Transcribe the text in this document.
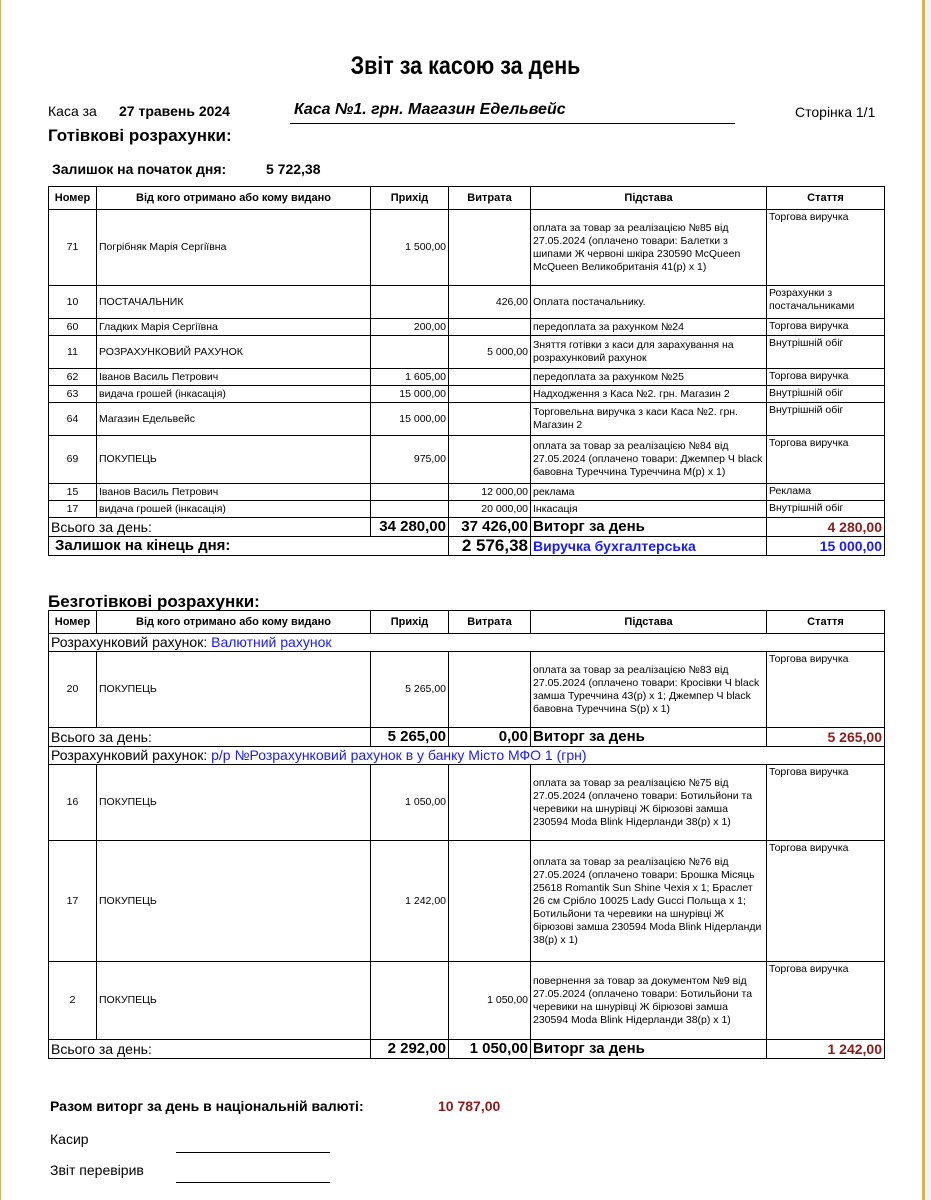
Звіт за касою за день
Каса за 27 травень 2024	Каса №1. грн. Магазин Едельвейс	Сторінка 1/1
Готівкові розрахунки:
Залишок на початок дня:	5 722,38
Номер	Від кого отримано або кому видано	Прихід	Витрата	Підстава	Стаття
71	Погрібняк Марія Сергіївна	1 500,00		оплата за товар за реалізацією №85 від 27.05.2024 (оплачено товари: Балетки з шипами Ж червоні шкіра 230590 McQueen McQueen Великобританія 41(р) х 1)	Торгова виручка
10	ПОСТАЧАЛЬНИК		426,00	Оплата постачальнику.	Розрахунки з постачальниками
60	Гладких Марія Сергіївна	200,00		передоплата за рахунком №24	Торгова виручка
11	РОЗРАХУНКОВИЙ РАХУНОК		5 000,00	Зняття готівки з каси для зарахування на розрахунковий рахунок	Внутрішній обіг
62	Іванов Василь Петрович	1 605,00		передоплата за рахунком №25	Торгова виручка
63	видача грошей (інкасація)	15 000,00		Надходження з Каса №2. грн. Магазин 2	Внутрішній обіг
64	Магазин Едельвейс	15 000,00		Торговельна виручка з каси Каса №2. грн. Магазин 2	Внутрішній обіг
69	ПОКУПЕЦЬ	975,00		оплата за товар за реалізацією №84 від 27.05.2024 (оплачено товари: Джемпер Ч black бавовна Туреччина Туреччина М(р) х 1)	Торгова виручка
15	Іванов Василь Петрович		12 000,00	реклама	Реклама
17	видача грошей (інкасація)		20 000,00	Інкасація	Внутрішній обіг
Всього за день:		34 280,00	37 426,00	Виторг за день	4 280,00
Залишок на кінець дня:			2 576,38	Виручка бухгалтерська	15 000,00
Безготівкові розрахунки:
Номер	Від кого отримано або кому видано	Прихід	Витрата	Підстава	Стаття
Розрахунковий рахунок: Валютний рахунок					
20	ПОКУПЕЦЬ	5 265,00		оплата за товар за реалізацією №83 від 27.05.2024 (оплачено товари: Кросівки Ч black замша Туреччина 43(р) х 1; Джемпер Ч black бавовна Туреччина S(р) х 1)	Торгова виручка
Всього за день:		5 265,00	0,00	Виторг за день	5 265,00
Розрахунковий рахунок: р/р №Розрахунковий рахунок в у банку Місто МФО 1 (грн)					
16	ПОКУПЕЦЬ	1 050,00		оплата за товар за реалізацією №75 від 27.05.2024 (оплачено товари: Ботильйони та черевики на шнурівці Ж бірюзові замша 230594 Moda Blink Нідерланди 38(р) х 1)	Торгова виручка
17	ПОКУПЕЦЬ	1 242,00		оплата за товар за реалізацією №76 від 27.05.2024 (оплачено товари: Брошка Місяць 25618 Romantik Sun Shine Чехія х 1; Браслет 26 см Срібло 10025 Lady Gucci Польща х 1; Ботильйони та черевики на шнурівці Ж бірюзові замша 230594 Moda Blink Нідерланди 38(р) х 1)	Торгова виручка
2	ПОКУПЕЦЬ		1 050,00	повернення за товар за документом №9 від 27.05.2024 (оплачено товари: Ботильйони та черевики на шнурівці Ж бірюзові замша 230594 Moda Blink Нідерланди 38(р) х 1)	Торгова виручка
Всього за день:		2 292,00	1 050,00	Виторг за день	1 242,00
Разом виторг за день в національній валюті:	10 787,00
Касир
Звіт перевірив
